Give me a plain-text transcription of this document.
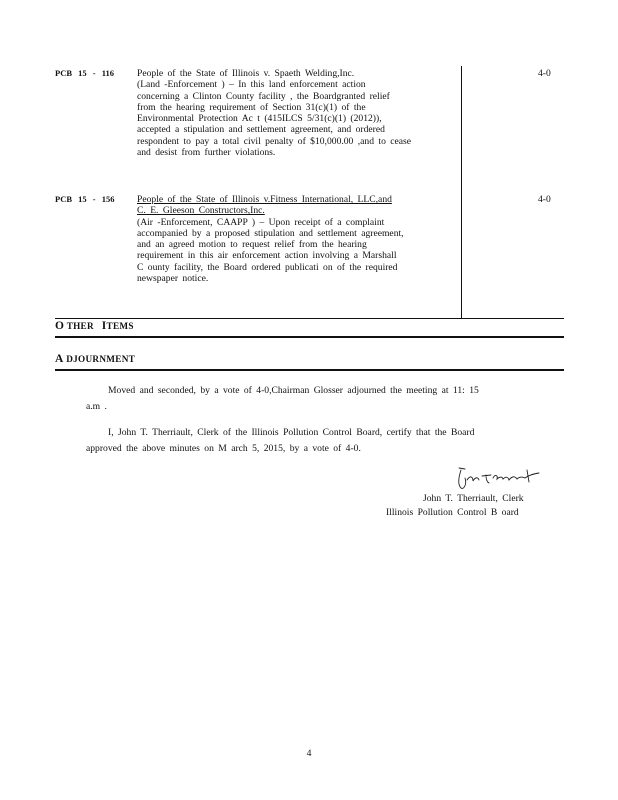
PCB 15 - 116	People of the State of Illinois v. Spaeth Welding,Inc.
(Land -Enforcement ) – In this land enforcement action
concerning a Clinton County facility , the Boardgranted relief
from the hearing requirement of Section 31(c)(1) of the
Environmental Protection Ac t (415ILCS 5/31(c)(1) (2012)),
accepted a stipulation and settlement agreement, and ordered
respondent to pay a total civil penalty of $10,000.00 ,and to cease
and desist from further violations.
4-0
PCB 15 - 156	People of the State of Illinois v.Fitness International, LLC,and
C. E. Gleeson Constructors,Inc.
(Air -Enforcement, CAAPP ) – Upon receipt of a complaint
accompanied by a proposed stipulation and settlement agreement,
and an agreed motion to request relief from the hearing
requirement in this air enforcement action involving a Marshall
C ounty facility, the Board ordered publicati on of the required
newspaper notice.
4-0
O THER ITEMS
A DJOURNMENT
Moved and seconded, by a vote of 4-0,Chairman Glosser adjourned the meeting at 11: 15
a.m .
I, John T. Therriault, Clerk of the Illinois Pollution Control Board, certify that the Board
approved the above minutes on M arch 5, 2015, by a vote of 4-0.
John T. Therriault
John T. Therriault, Clerk
Illinois Pollution Control B oard
4
